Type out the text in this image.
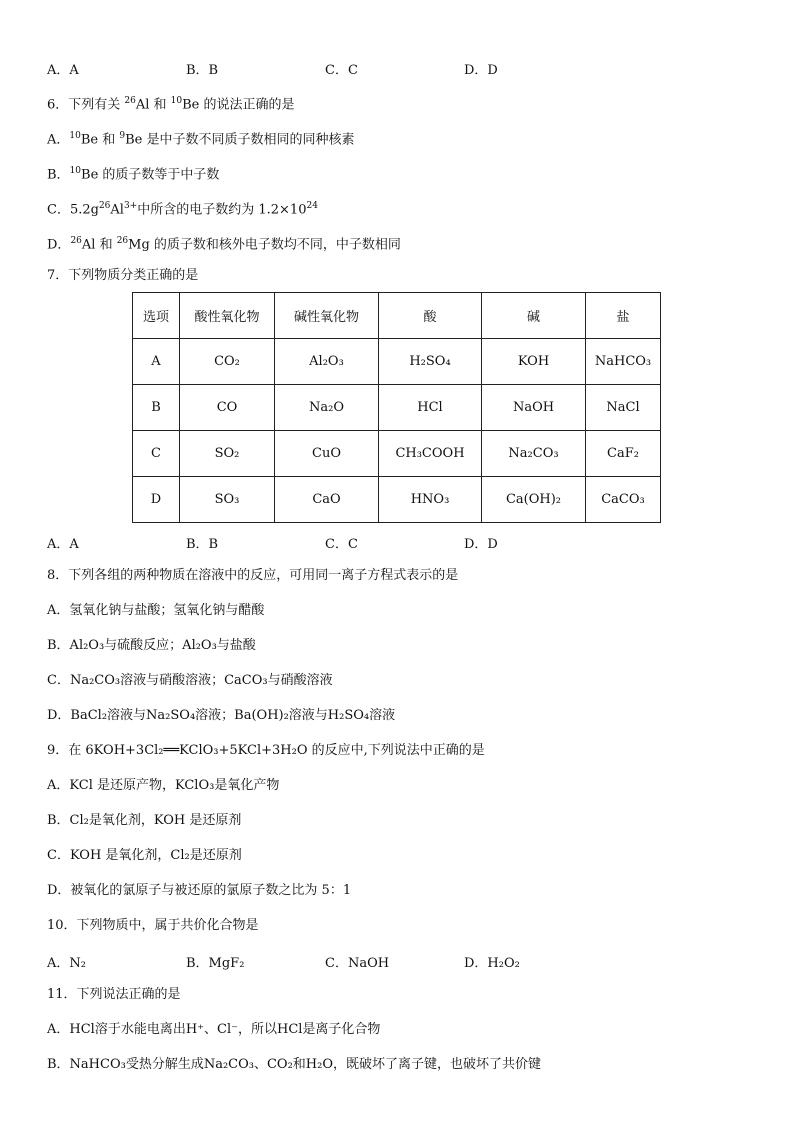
A．A	B．B	C．C	D．D
6．下列有关 $^{26}$Al 和 $^{10}$Be 的说法正确的是
A．$^{10}$Be 和 $^9$Be 是中子数不同质子数相同的同种核素
B．$^{10}$Be 的质子数等于中子数
C．$5.2g^{26}Al^{3+}$中所含的电子数约为 $1.2\times 10^{24}$
D．$^{26}$Al 和 $^{26}$Mg 的质子数和核外电子数均不同，中子数相同
7．下列物质分类正确的是
选项	酸性氧化物	碱性氧化物	酸	碱	盐
A	CO₂	Al₂O₃	H₂SO₄	KOH	NaHCO₃
B	CO	Na₂O	HCl	NaOH	NaCl
C	SO₂	CuO	CH₃COOH	Na₂CO₃	CaF₂
D	SO₃	CaO	HNO₃	Ca(OH)₂	CaCO₃
A．A	B．B	C．C	D．D
8．下列各组的两种物质在溶液中的反应，可用同一离子方程式表示的是
A．氢氧化钠与盐酸；氢氧化钠与醋酸
B．Al₂O₃与硫酸反应；Al₂O₃与盐酸
C．Na₂CO₃溶液与硝酸溶液；CaCO₃与硝酸溶液
D．BaCl₂溶液与Na₂SO₄溶液；Ba(OH)₂溶液与H₂SO₄溶液
9．在 6KOH+3Cl₂══KClO₃+5KCl+3H₂O 的反应中,下列说法中正确的是
A．KCl 是还原产物，KClO₃是氧化产物
B．Cl₂是氧化剂，KOH 是还原剂
C．KOH 是氧化剂，Cl₂是还原剂
D．被氧化的氯原子与被还原的氯原子数之比为 5：1
10．下列物质中，属于共价化合物是
A．N₂	B．MgF₂	C．NaOH	D．H₂O₂
11．下列说法正确的是
A．HCl溶于水能电离出H⁺、Cl⁻，所以HCl是离子化合物
B．NaHCO₃受热分解生成Na₂CO₃、CO₂和H₂O，既破坏了离子键，也破坏了共价键
